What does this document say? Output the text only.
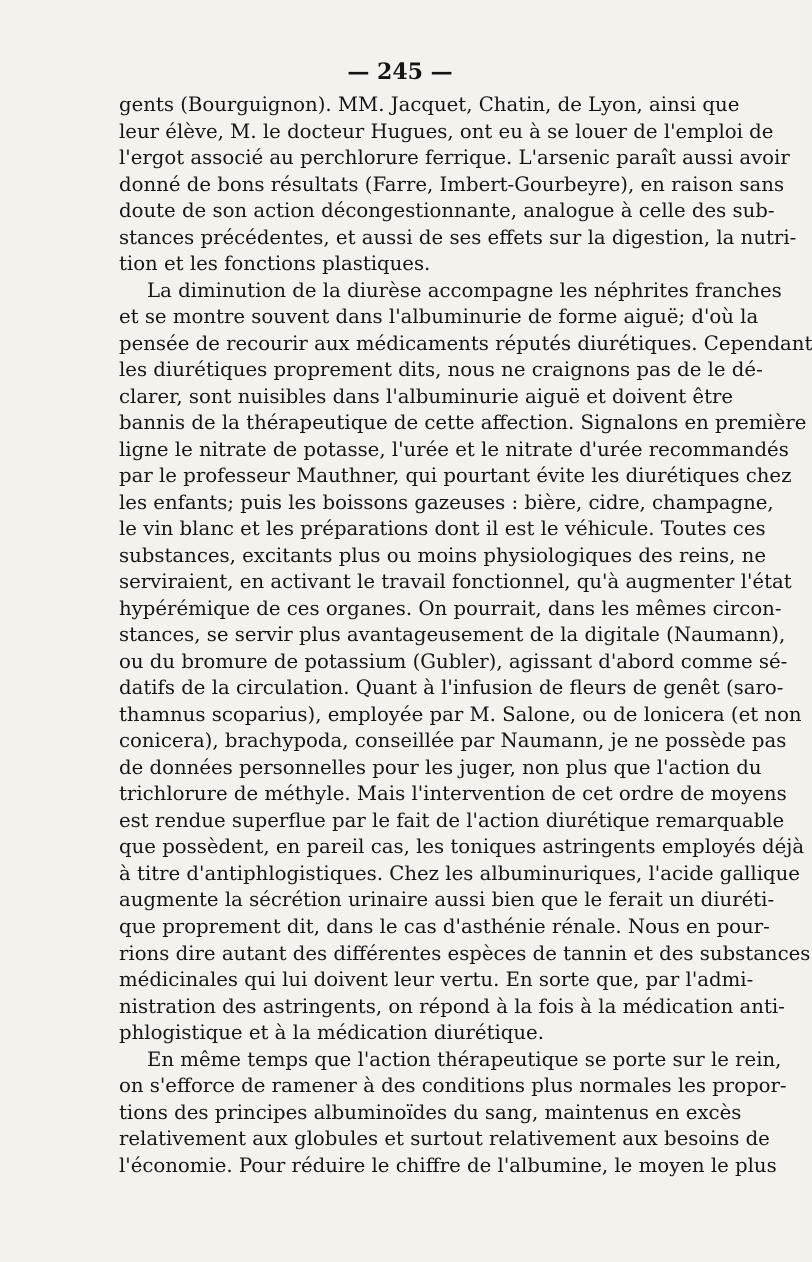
— 245 —
gents (Bourguignon). MM. Jacquet, Chatin, de Lyon, ainsi que
leur élève, M. le docteur Hugues, ont eu à se louer de l'emploi de
l'ergot associé au perchlorure ferrique. L'arsenic paraît aussi avoir
donné de bons résultats (Farre, Imbert-Gourbeyre), en raison sans
doute de son action décongestionnante, analogue à celle des sub-
stances précédentes, et aussi de ses effets sur la digestion, la nutri-
tion et les fonctions plastiques.
La diminution de la diurèse accompagne les néphrites franches
et se montre souvent dans l'albuminurie de forme aiguë; d'où la
pensée de recourir aux médicaments réputés diurétiques. Cependant
les diurétiques proprement dits, nous ne craignons pas de le dé-
clarer, sont nuisibles dans l'albuminurie aiguë et doivent être
bannis de la thérapeutique de cette affection. Signalons en première
ligne le nitrate de potasse, l'urée et le nitrate d'urée recommandés
par le professeur Mauthner, qui pourtant évite les diurétiques chez
les enfants; puis les boissons gazeuses : bière, cidre, champagne,
le vin blanc et les préparations dont il est le véhicule. Toutes ces
substances, excitants plus ou moins physiologiques des reins, ne
serviraient, en activant le travail fonctionnel, qu'à augmenter l'état
hypérémique de ces organes. On pourrait, dans les mêmes circon-
stances, se servir plus avantageusement de la digitale (Naumann),
ou du bromure de potassium (Gubler), agissant d'abord comme sé-
datifs de la circulation. Quant à l'infusion de fleurs de genêt (saro-
thamnus scoparius), employée par M. Salone, ou de lonicera (et non
conicera), brachypoda, conseillée par Naumann, je ne possède pas
de données personnelles pour les juger, non plus que l'action du
trichlorure de méthyle. Mais l'intervention de cet ordre de moyens
est rendue superflue par le fait de l'action diurétique remarquable
que possèdent, en pareil cas, les toniques astringents employés déjà
à titre d'antiphlogistiques. Chez les albuminuriques, l'acide gallique
augmente la sécrétion urinaire aussi bien que le ferait un diuréti-
que proprement dit, dans le cas d'asthénie rénale. Nous en pour-
rions dire autant des différentes espèces de tannin et des substances
médicinales qui lui doivent leur vertu. En sorte que, par l'admi-
nistration des astringents, on répond à la fois à la médication anti-
phlogistique et à la médication diurétique.
En même temps que l'action thérapeutique se porte sur le rein,
on s'efforce de ramener à des conditions plus normales les propor-
tions des principes albuminoïdes du sang, maintenus en excès
relativement aux globules et surtout relativement aux besoins de
l'économie. Pour réduire le chiffre de l'albumine, le moyen le plus
